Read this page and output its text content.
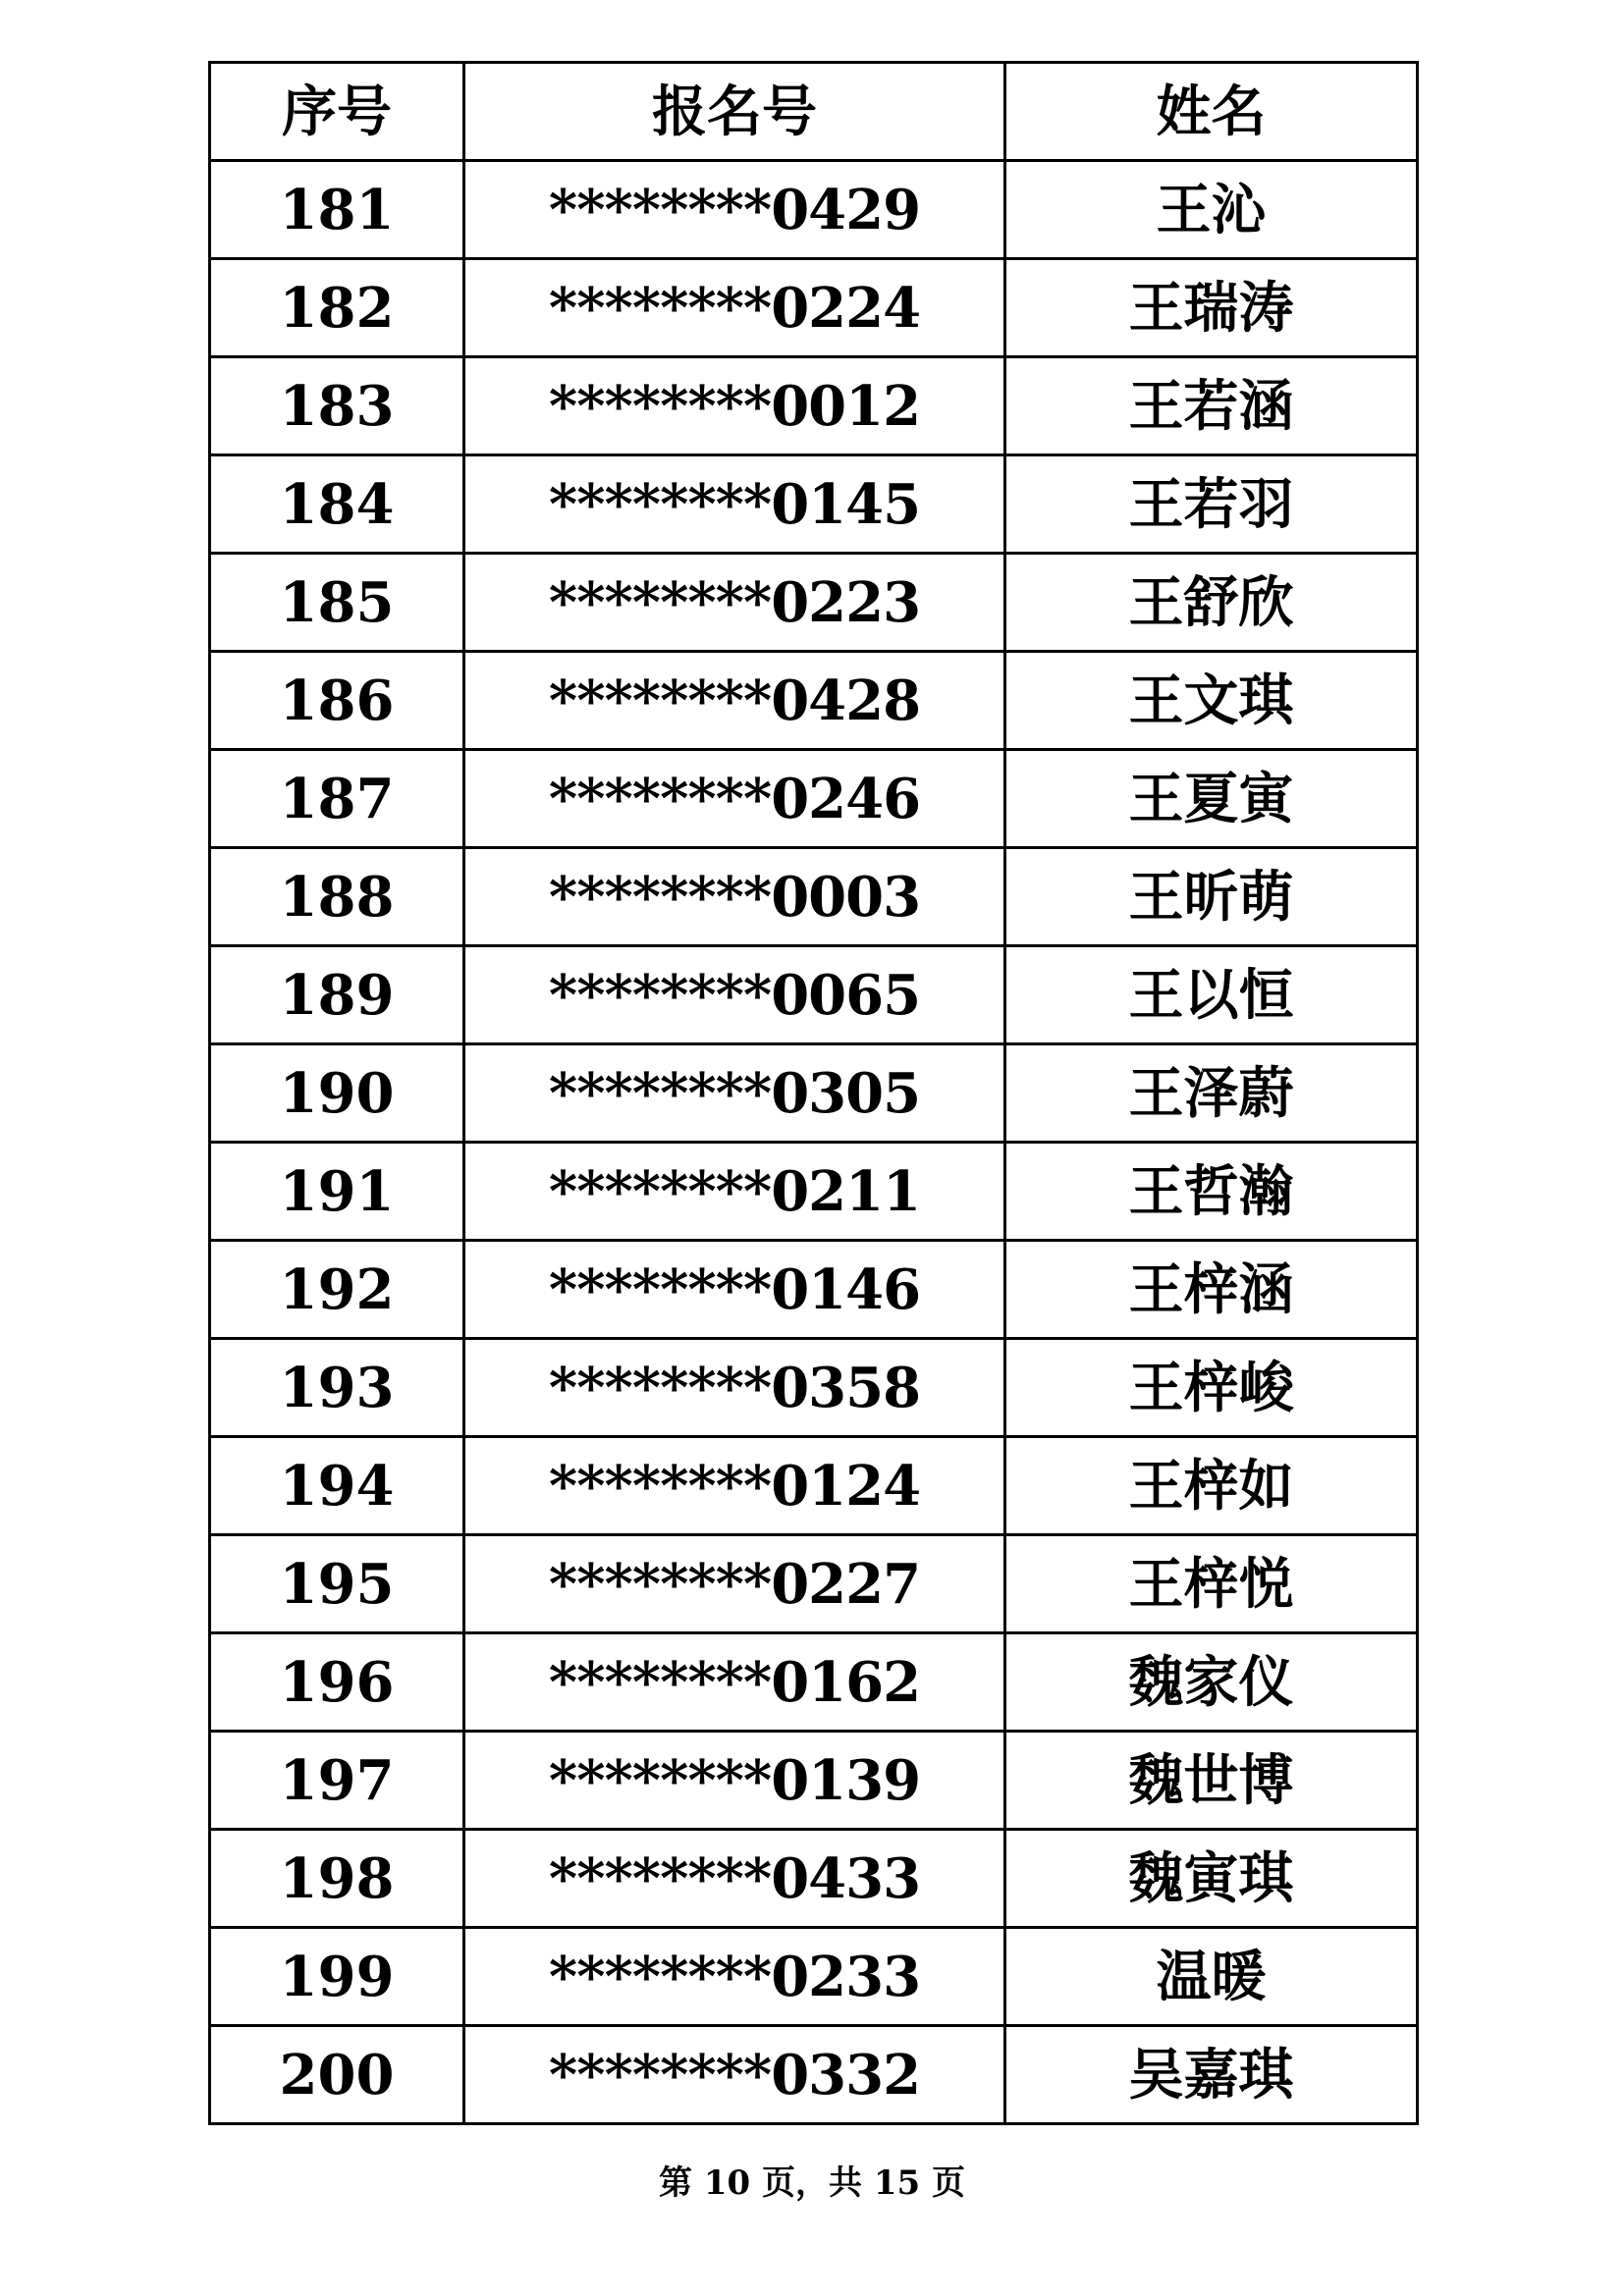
序号	报名号	姓名
181	********0429	王沁
182	********0224	王瑞涛
183	********0012	王若涵
184	********0145	王若羽
185	********0223	王舒欣
186	********0428	王文琪
187	********0246	王夏寅
188	********0003	王昕萌
189	********0065	王以恒
190	********0305	王泽蔚
191	********0211	王哲瀚
192	********0146	王梓涵
193	********0358	王梓峻
194	********0124	王梓如
195	********0227	王梓悦
196	********0162	魏家仪
197	********0139	魏世博
198	********0433	魏寅琪
199	********0233	温暖
200	********0332	吴嘉琪
第 10 页，共 15 页
